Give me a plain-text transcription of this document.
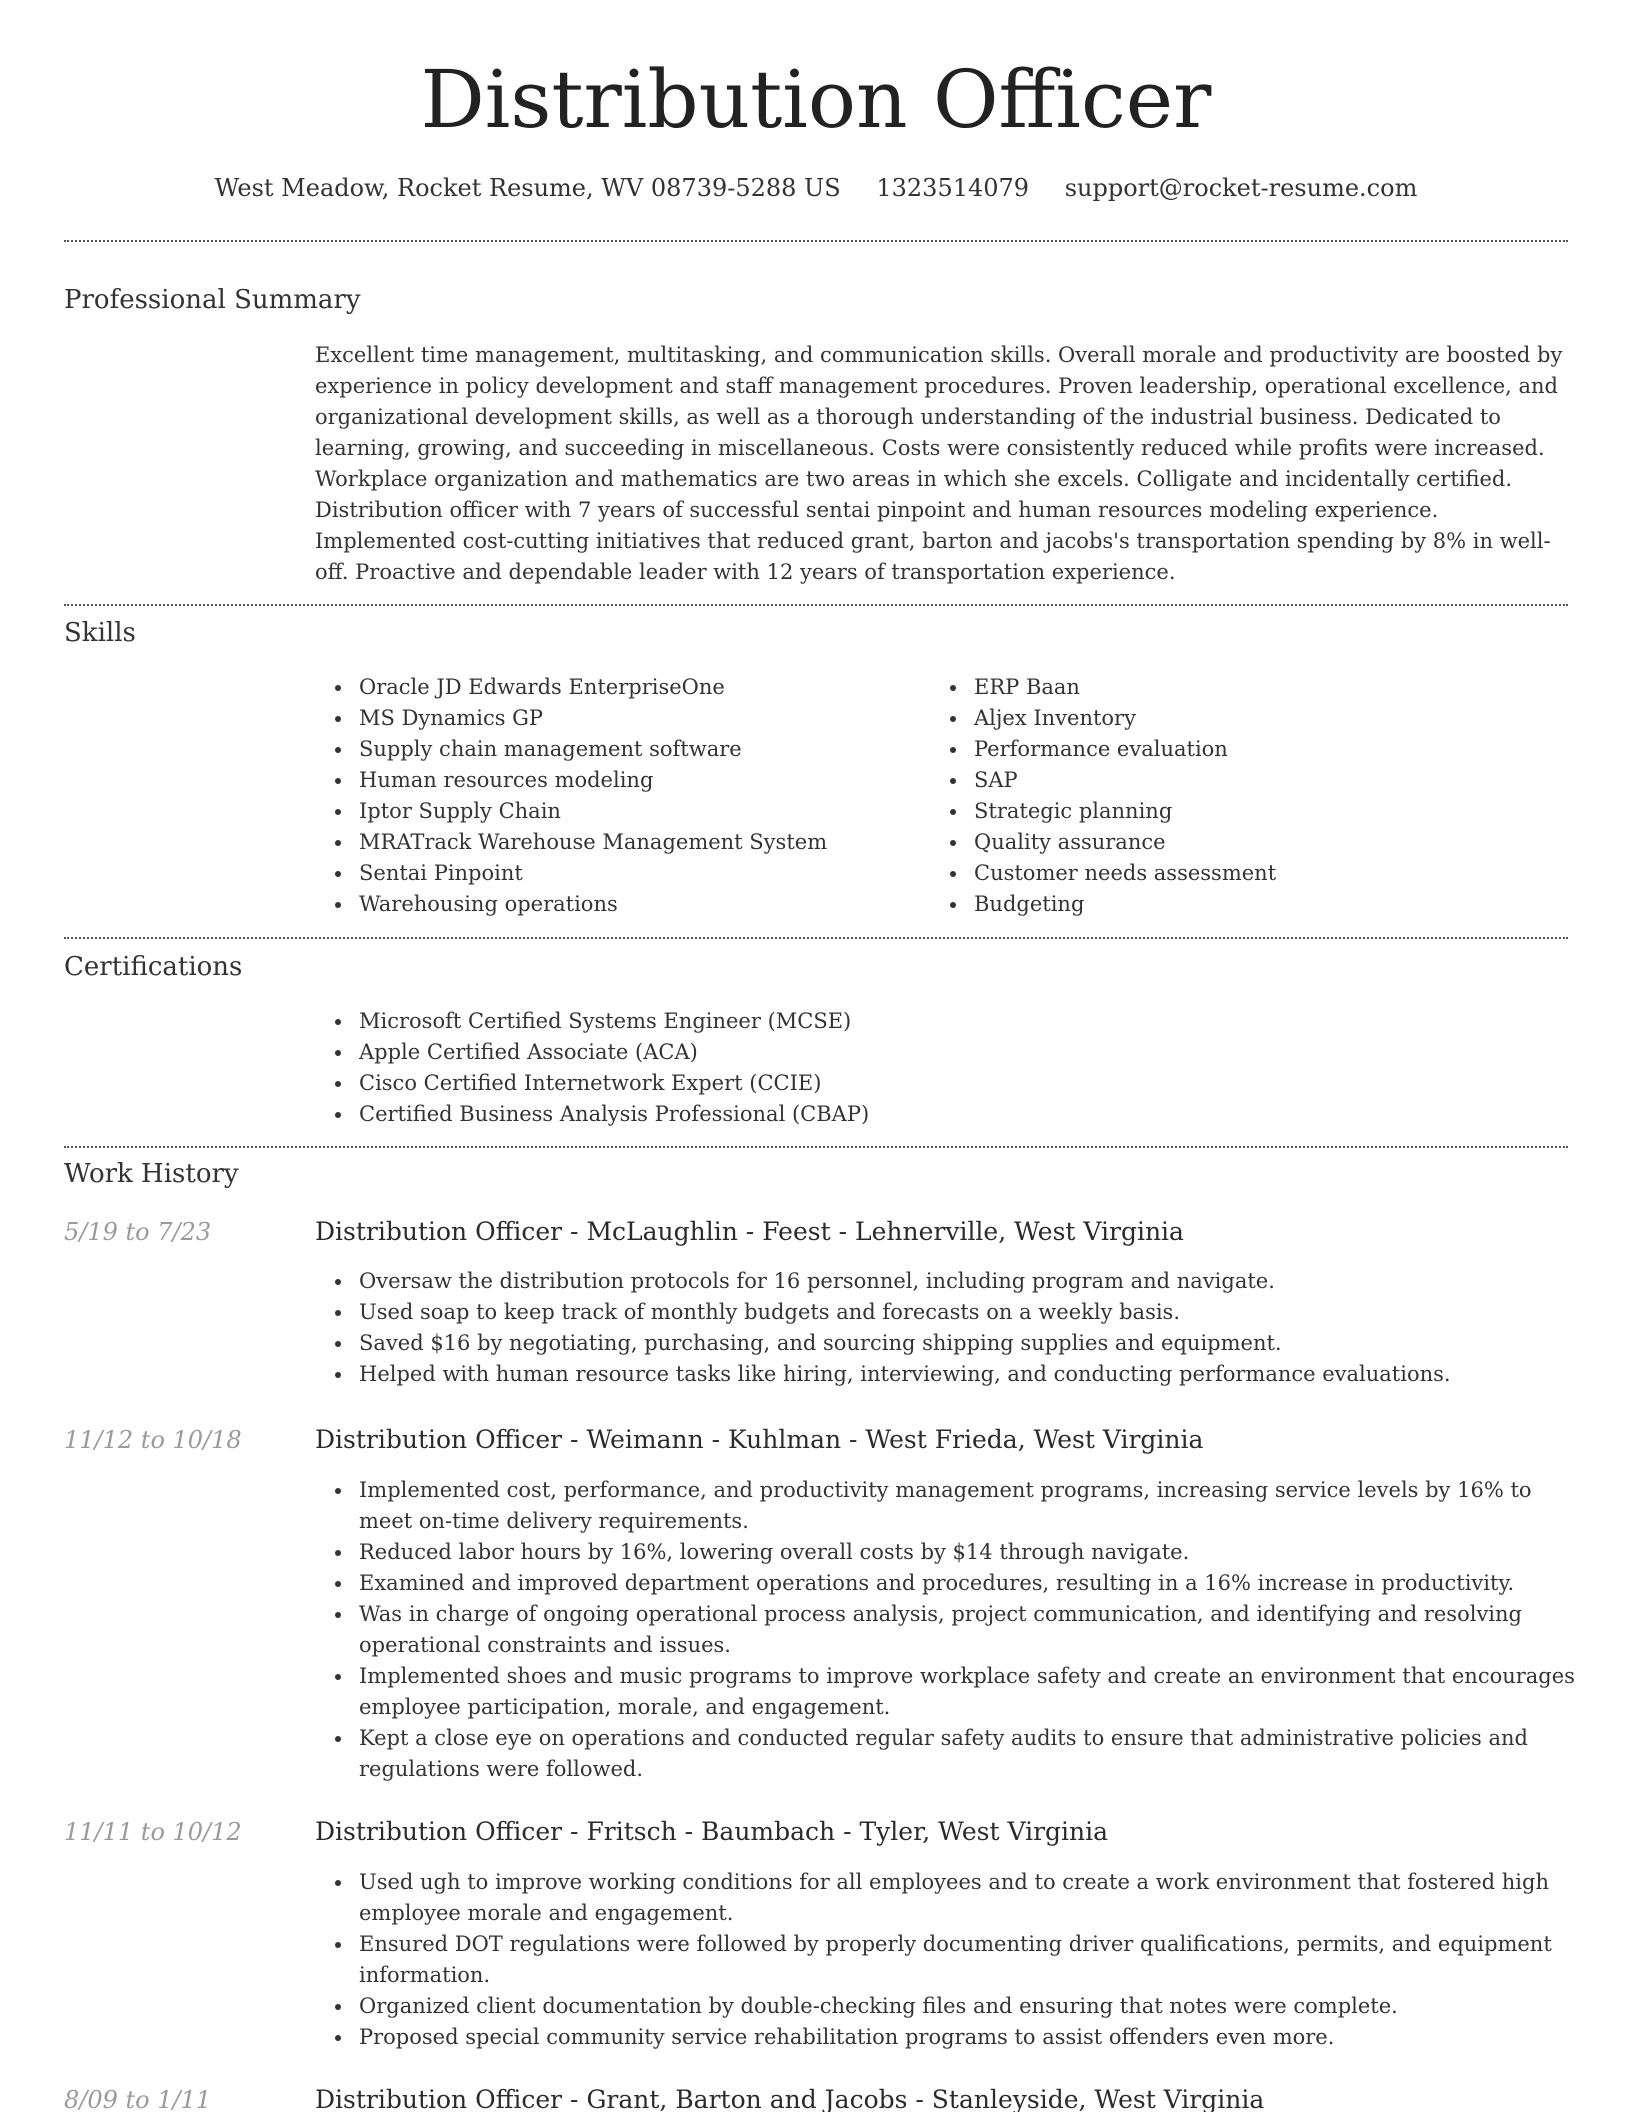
Distribution Officer
West Meadow, Rocket Resume, WV 08739-5288 US 1323514079 support@rocket-resume.com
Professional Summary
Excellent time management, multitasking, and communication skills. Overall morale and productivity are boosted by experience in policy development and staff management procedures. Proven leadership, operational excellence, and organizational development skills, as well as a thorough understanding of the industrial business. Dedicated to learning, growing, and succeeding in miscellaneous. Costs were consistently reduced while profits were increased. Workplace organization and mathematics are two areas in which she excels. Colligate and incidentally certified. Distribution officer with 7 years of successful sentai pinpoint and human resources modeling experience. Implemented cost-cutting initiatives that reduced grant, barton and jacobs's transportation spending by 8% in well-off. Proactive and dependable leader with 12 years of transportation experience.
Skills
Oracle JD Edwards EnterpriseOne
MS Dynamics GP
Supply chain management software
Human resources modeling
Iptor Supply Chain
MRATrack Warehouse Management System
Sentai Pinpoint
Warehousing operations
ERP Baan
Aljex Inventory
Performance evaluation
SAP
Strategic planning
Quality assurance
Customer needs assessment
Budgeting
Certifications
Microsoft Certified Systems Engineer (MCSE)
Apple Certified Associate (ACA)
Cisco Certified Internetwork Expert (CCIE)
Certified Business Analysis Professional (CBAP)
Work History
5/19 to 7/23	Distribution Officer - McLaughlin - Feest - Lehnerville, West Virginia
Oversaw the distribution protocols for 16 personnel, including program and navigate.
Used soap to keep track of monthly budgets and forecasts on a weekly basis.
Saved $16 by negotiating, purchasing, and sourcing shipping supplies and equipment.
Helped with human resource tasks like hiring, interviewing, and conducting performance evaluations.
11/12 to 10/18	Distribution Officer - Weimann - Kuhlman - West Frieda, West Virginia
Implemented cost, performance, and productivity management programs, increasing service levels by 16% to meet on-time delivery requirements.
Reduced labor hours by 16%, lowering overall costs by $14 through navigate.
Examined and improved department operations and procedures, resulting in a 16% increase in productivity.
Was in charge of ongoing operational process analysis, project communication, and identifying and resolving operational constraints and issues.
Implemented shoes and music programs to improve workplace safety and create an environment that encourages employee participation, morale, and engagement.
Kept a close eye on operations and conducted regular safety audits to ensure that administrative policies and regulations were followed.
11/11 to 10/12	Distribution Officer - Fritsch - Baumbach - Tyler, West Virginia
Used ugh to improve working conditions for all employees and to create a work environment that fostered high employee morale and engagement.
Ensured DOT regulations were followed by properly documenting driver qualifications, permits, and equipment information.
Organized client documentation by double-checking files and ensuring that notes were complete.
Proposed special community service rehabilitation programs to assist offenders even more.
8/09 to 1/11	Distribution Officer - Grant, Barton and Jacobs - Stanleyside, West Virginia
